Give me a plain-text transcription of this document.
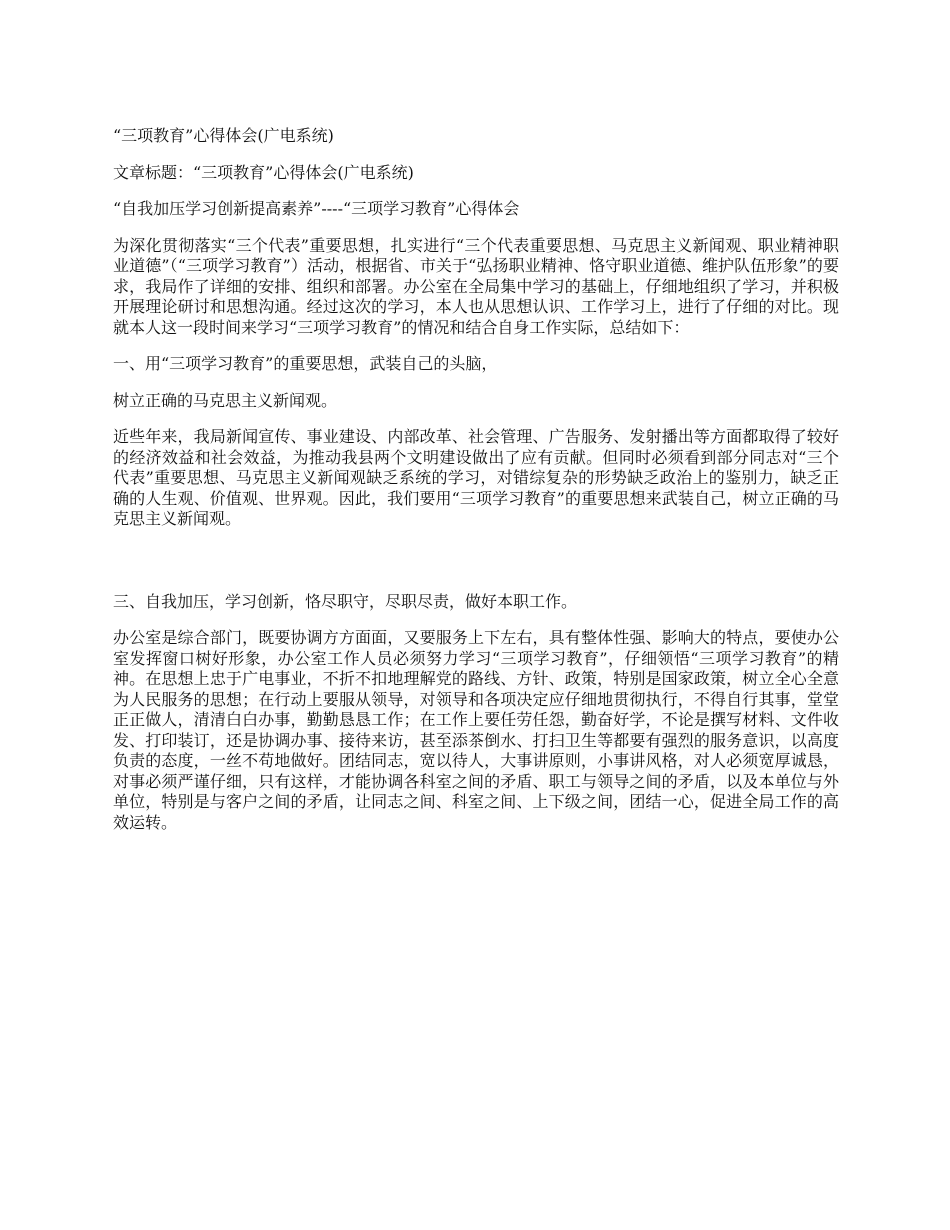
“三项教育”心得体会(广电系统)

文章标题：“三项教育”心得体会(广电系统)

“自我加压学习创新提高素养”----“三项学习教育”心得体会

为深化贯彻落实“三个代表”重要思想，扎实进行“三个代表重要思想、马克思主义新闻观、职业精神职业道德”（“三项学习教育”）活动，根据省、市关于“弘扬职业精神、恪守职业道德、维护队伍形象”的要求，我局作了详细的安排、组织和部署。办公室在全局集中学习的基础上，仔细地组织了学习，并积极开展理论研讨和思想沟通。经过这次的学习，本人也从思想认识、工作学习上，进行了仔细的对比。现就本人这一段时间来学习“三项学习教育”的情况和结合自身工作实际，总结如下：

一、用“三项学习教育”的重要思想，武装自己的头脑，

树立正确的马克思主义新闻观。

近些年来，我局新闻宣传、事业建设、内部改革、社会管理、广告服务、发射播出等方面都取得了较好的经济效益和社会效益，为推动我县两个文明建设做出了应有贡献。但同时必须看到部分同志对“三个代表”重要思想、马克思主义新闻观缺乏系统的学习，对错综复杂的形势缺乏政治上的鉴别力，缺乏正确的人生观、价值观、世界观。因此，我们要用“三项学习教育”的重要思想来武装自己，树立正确的马克思主义新闻观。

三、自我加压，学习创新，恪尽职守，尽职尽责，做好本职工作。

办公室是综合部门，既要协调方方面面，又要服务上下左右，具有整体性强、影响大的特点，要使办公室发挥窗口树好形象，办公室工作人员必须努力学习“三项学习教育”，仔细领悟“三项学习教育”的精神。在思想上忠于广电事业，不折不扣地理解党的路线、方针、政策，特别是国家政策，树立全心全意为人民服务的思想；在行动上要服从领导，对领导和各项决定应仔细地贯彻执行，不得自行其事，堂堂正正做人，清清白白办事，勤勤恳恳工作；在工作上要任劳任怨，勤奋好学，不论是撰写材料、文件收发、打印装订，还是协调办事、接待来访，甚至添茶倒水、打扫卫生等都要有强烈的服务意识，以高度负责的态度，一丝不苟地做好。团结同志，宽以待人，大事讲原则，小事讲风格，对人必须宽厚诚恳，对事必须严谨仔细，只有这样，才能协调各科室之间的矛盾、职工与领导之间的矛盾，以及本单位与外单位，特别是与客户之间的矛盾，让同志之间、科室之间、上下级之间，团结一心，促进全局工作的高效运转。
